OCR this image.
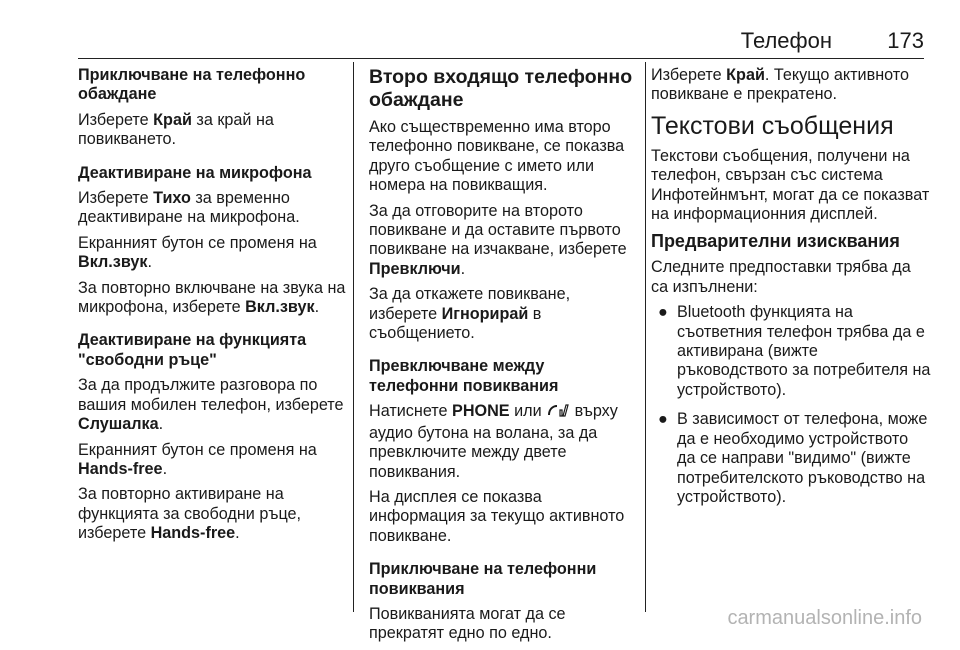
Телефон	173

Приключване на телефонно обаждане

Изберете Край за край на повикването.

Деактивиране на микрофона

Изберете Тихо за временно деактивиране на микрофона.

Екранният бутон се променя на Вкл.звук.

За повторно включване на звука на микрофона, изберете Вкл.звук.

Деактивиране на функцията "свободни ръце"

За да продължите разговора по вашия мобилен телефон, изберете Слушалка.

Екранният бутон се променя на Hands-free.

За повторно активиране на функцията за свободни ръце, изберете Hands-free.

Второ входящо телефонно обаждане

Ако съществременно има второ телефонно повикване, се показва друго съобщение с името или номера на повикващия.

За да отговорите на второто повикване и да оставите първото повикване на изчакване, изберете Превключи.

За да откажете повикване, изберете Игнорирай в съобщението.

Превключване между телефонни повиквания

Натиснете PHONE или  върху аудио бутона на волана, за да превключите между двете повиквания.

На дисплея се показва информация за текущо активното повикване.

Приключване на телефонни повиквания

Повикванията могат да се прекратят едно по едно.

Изберете Край. Текущо активното повикване е прекратено.

Текстови съобщения

Текстови съобщения, получени на телефон, свързан със система Инфотейнмънт, могат да се показват на информационния дисплей.

Предварителни изисквания

Следните предпоставки трябва да са изпълнени:

● Bluetooth функцията на съответния телефон трябва да е активирана (вижте ръководството за потребителя на устройството).
● В зависимост от телефона, може да е необходимо устройството да се направи "видимо" (вижте потребителското ръководство на устройството).
carmanualsonline.info
